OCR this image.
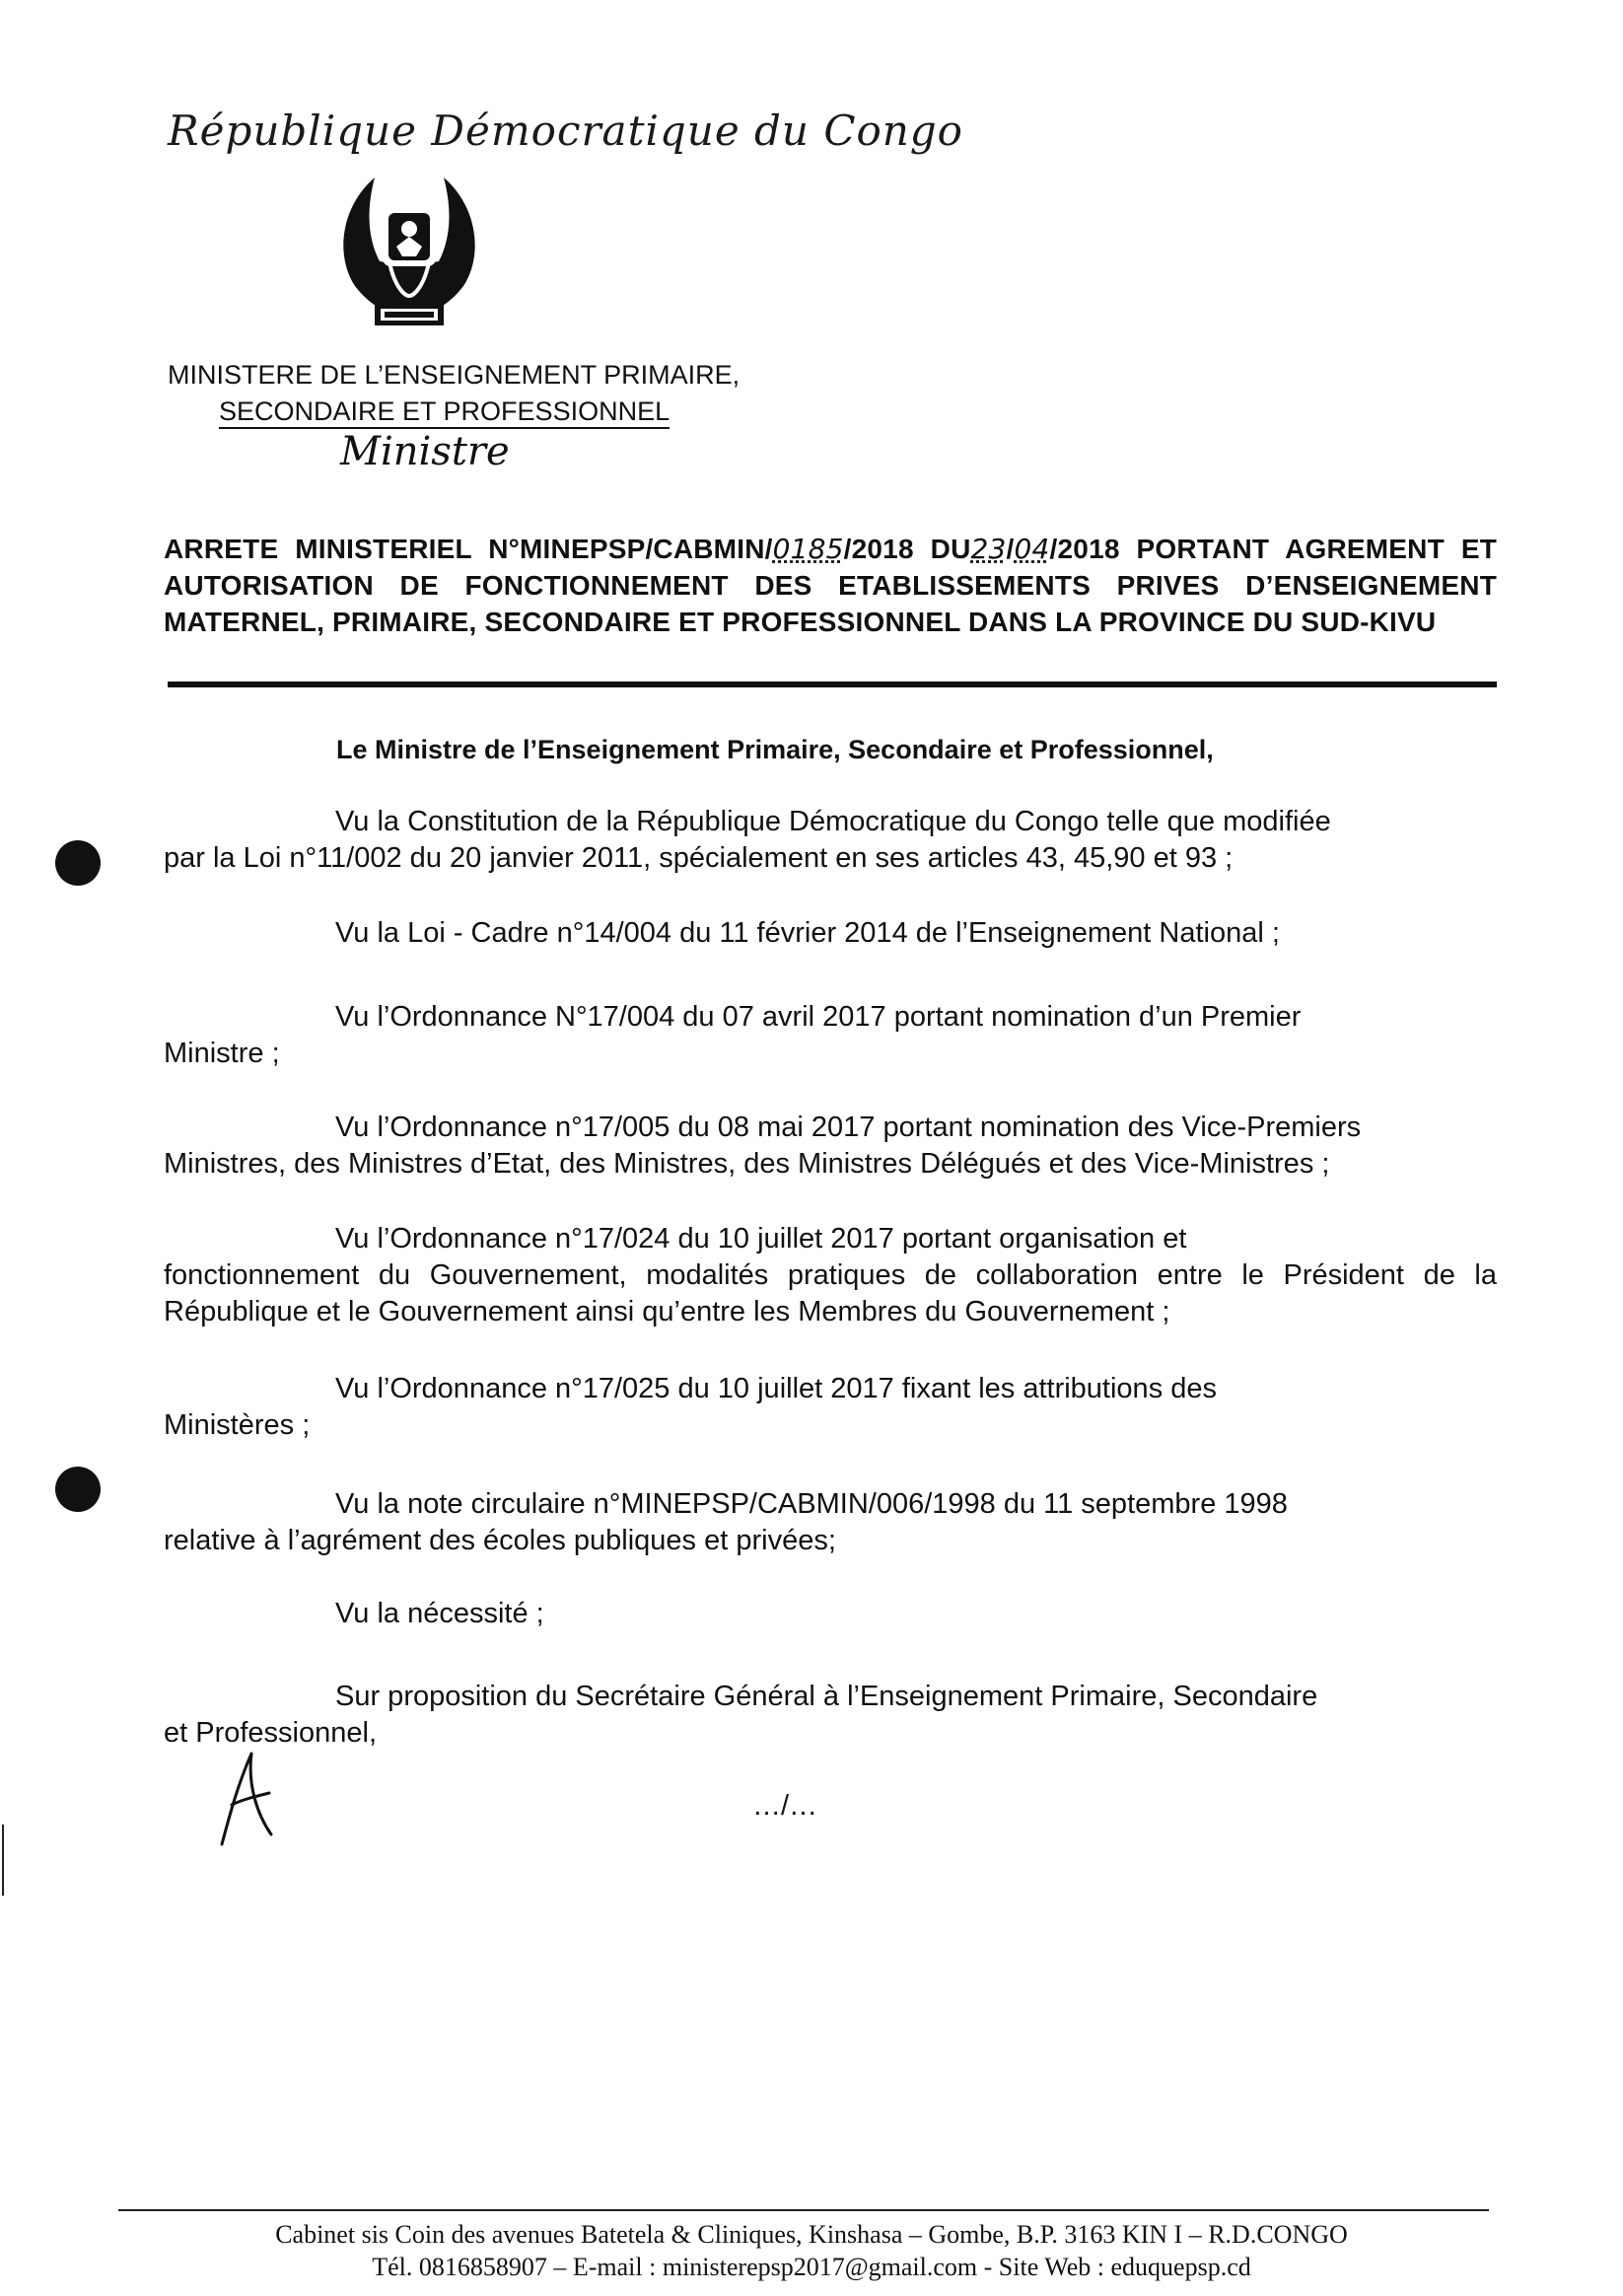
République Démocratique du Congo
MINISTERE DE L’ENSEIGNEMENT PRIMAIRE,
SECONDAIRE ET PROFESSIONNEL
Ministre
ARRETE MINISTERIEL N°MINEPSP/CABMIN/0185/2018 DU23/04/2018 PORTANT AGREMENT ET AUTORISATION DE FONCTIONNEMENT DES ETABLISSEMENTS PRIVES D’ENSEIGNEMENT MATERNEL, PRIMAIRE, SECONDAIRE ET PROFESSIONNEL DANS LA PROVINCE DU SUD-KIVU
Le Ministre de l’Enseignement Primaire, Secondaire et Professionnel,
Vu la Constitution de la République Démocratique du Congo telle que modifiée
par la Loi n°11/002 du 20 janvier 2011, spécialement en ses articles 43, 45,90 et 93 ;
Vu la Loi - Cadre n°14/004 du 11 février 2014 de l’Enseignement National ;
Vu l’Ordonnance N°17/004 du 07 avril 2017 portant nomination d’un Premier
Ministre ;
Vu l’Ordonnance n°17/005 du 08 mai 2017 portant nomination des Vice-Premiers
Ministres, des Ministres d’Etat, des Ministres, des Ministres Délégués et des Vice-Ministres ;
Vu l’Ordonnance n°17/024 du 10 juillet 2017 portant organisation et
fonctionnement du Gouvernement, modalités pratiques de collaboration entre le Président de la République et le Gouvernement ainsi qu’entre les Membres du Gouvernement ;
Vu l’Ordonnance n°17/025 du 10 juillet 2017 fixant les attributions des
Ministères ;
Vu la note circulaire n°MINEPSP/CABMIN/006/1998 du 11 septembre 1998
relative à l’agrément des écoles publiques et privées;
Vu la nécessité ;
Sur proposition du Secrétaire Général à l’Enseignement Primaire, Secondaire
et Professionnel,
…/…
Cabinet sis Coin des avenues Batetela & Cliniques, Kinshasa – Gombe, B.P. 3163 KIN I – R.D.CONGO
Tél. 0816858907 – E-mail : ministerepsp2017@gmail.com - Site Web : eduquepsp.cd
